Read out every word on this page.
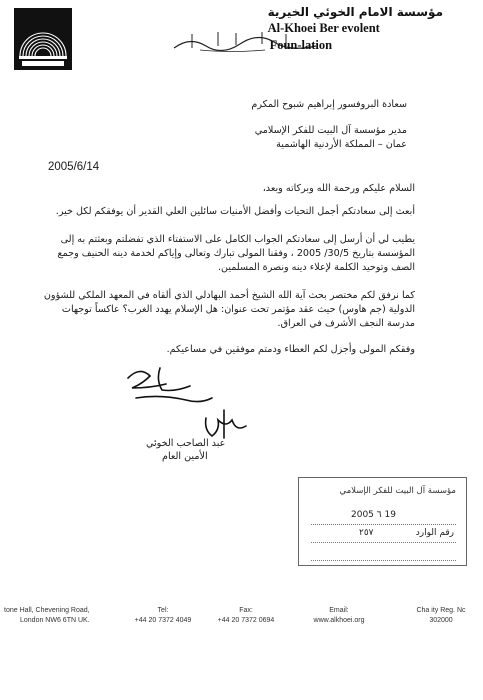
مؤسسة الامام الخوئي الخيرية
Al-Khoei Ber evolent
Foun-lation

سعادة البروفسور إبراهيم شبوح المكرم

مدير مؤسسة آل البيت للفكر الإسلامي

عمان – المملكة الأردنية الهاشمية

2005/6/14

السلام عليكم ورحمة الله وبركاته وبعد،

أبعث إلى سعادتكم أجمل التحيات وأفضل الأمنيات سائلين العلي القدير أن يوفقكم لكل خير.

يطيب لي أن أرسل إلى سعادتكم الجواب الكامل على الاستفتاء الذي تفضلتم وبعثتم به إلى المؤسسة بتاريخ 30/5/ 2005 ، وفقنا المولى تبارك وتعالى وإياكم لخدمة دينه الحنيف وجمع الصف وتوحيد الكلمة لإعلاء دينه ونصرة المسلمين.

كما نرفق لكم مختصر بحث آية الله الشيخ أحمد البهادلي الذي ألقاه في المعهد الملكي للشؤون الدولية (جم هاوس) حيث عقد مؤتمر تحت عنوان: هل الإسلام يهدد الغرب؟ عاكساً توجهات مدرسة النجف الأشرف في العراق.

وفقكم المولى وأجزل لكم العطاء ودمتم موفقين في مساعيكم.

عبد الصاحب الخوئي
الأمين العام
مؤسسة آل البيت للفكر الإسلامي
2005 ٦ 19
رقم الوارد
٢٥٧
tone Hall, Chevening Road,
London NW6 6TN UK.
Tel:
+44 20 7372 4049
Fax:
+44 20 7372 0694
Email:
www.alkhoei.org
Cha ity Reg. Nc
302000
